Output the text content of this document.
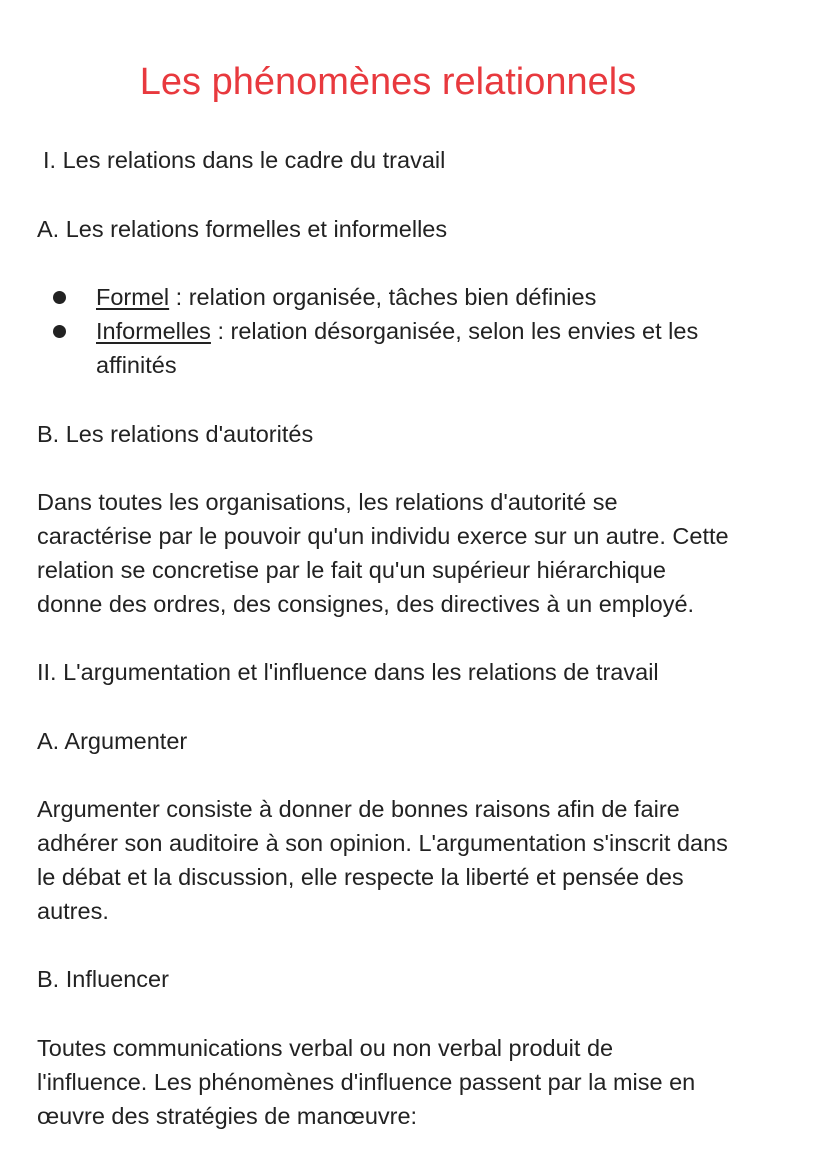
Les phénomènes relationnels

I. Les relations dans le cadre du travail

A. Les relations formelles et informelles

Formel : relation organisée, tâches bien définies
Informelles : relation désorganisée, selon les envies et les
affinités

B. Les relations d'autorités

Dans toutes les organisations, les relations d'autorité se
caractérise par le pouvoir qu'un individu exerce sur un autre. Cette
relation se concretise par le fait qu'un supérieur hiérarchique
donne des ordres, des consignes, des directives à un employé.

II. L'argumentation et l'influence dans les relations de travail

A. Argumenter

Argumenter consiste à donner de bonnes raisons afin de faire
adhérer son auditoire à son opinion. L'argumentation s'inscrit dans
le débat et la discussion, elle respecte la liberté et pensée des
autres.

B. Influencer

Toutes communications verbal ou non verbal produit de
l'influence. Les phénomènes d'influence passent par la mise en
œuvre des stratégies de manœuvre:
